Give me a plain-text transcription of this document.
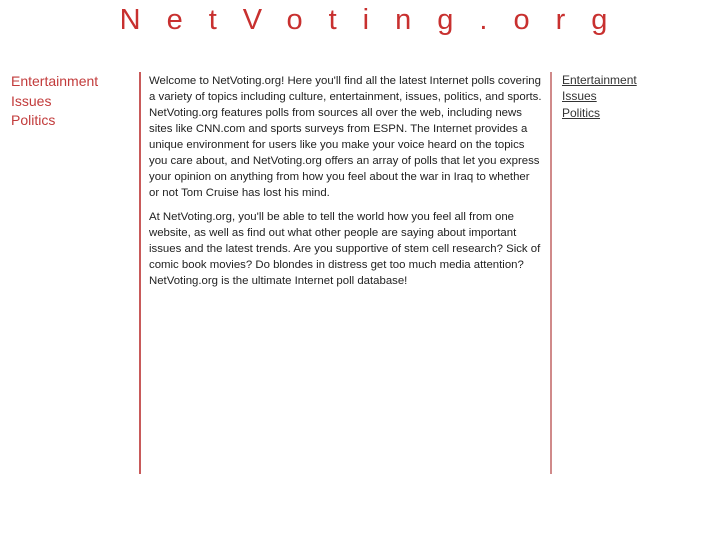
NetVoting.org
Entertainment
Issues
Politics

Welcome to NetVoting.org! Here you'll find all the latest Internet polls covering a variety of topics including culture, entertainment, issues, politics, and sports. NetVoting.org features polls from sources all over the web, including news sites like CNN.com and sports surveys from ESPN. The Internet provides a unique environment for users like you make your voice heard on the topics you care about, and NetVoting.org offers an array of polls that let you express your opinion on anything from how you feel about the war in Iraq to whether or not Tom Cruise has lost his mind.

At NetVoting.org, you'll be able to tell the world how you feel all from one website, as well as find out what other people are saying about important issues and the latest trends. Are you supportive of stem cell research? Sick of comic book movies? Do blondes in distress get too much media attention? NetVoting.org is the ultimate Internet poll database!

Entertainment
Issues
Politics
